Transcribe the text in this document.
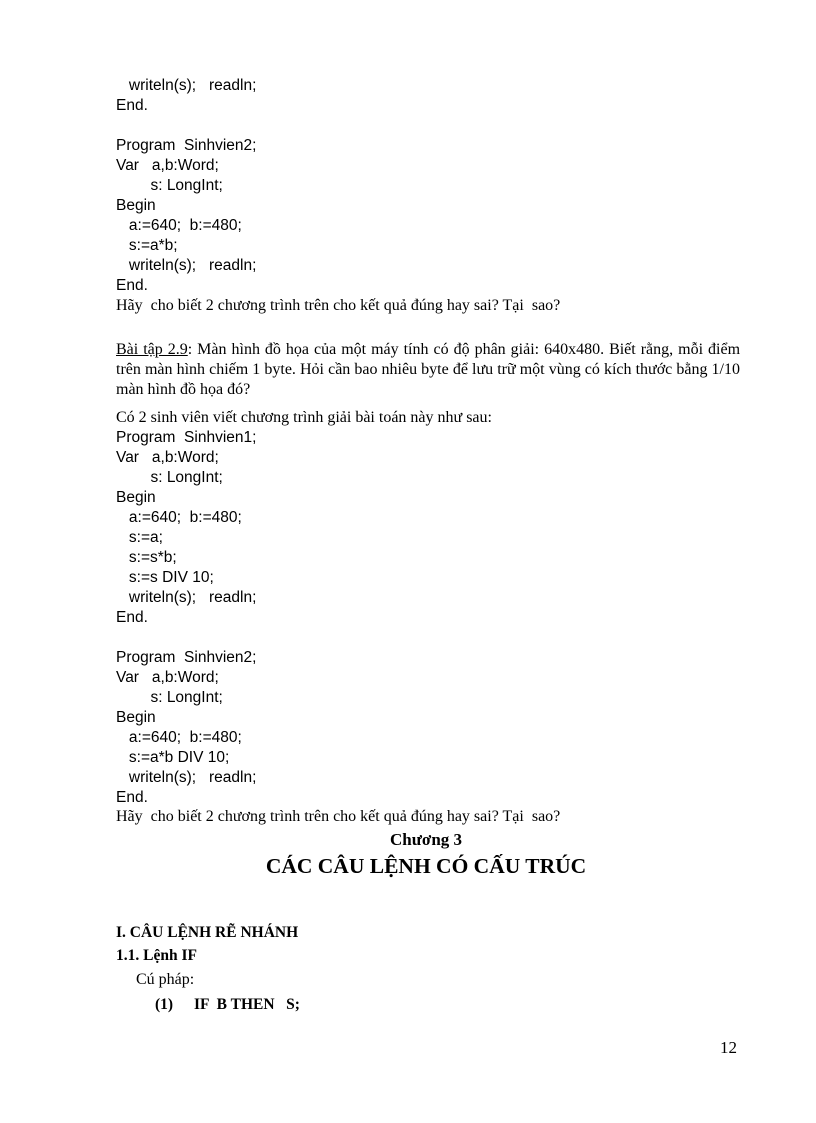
writeln(s);   readln;
End.
Program  Sinhvien2;
Var   a,b:Word;
s: LongInt;
Begin
a:=640;  b:=480;
s:=a*b;
writeln(s);   readln;
End.
Hãy  cho biết 2 chương trình trên cho kết quả đúng hay sai? Tại  sao?

Bài tập 2.9: Màn hình đồ họa của một máy tính có độ phân giải: 640x480. Biết rằng, mỗi điểm trên màn hình chiếm 1 byte. Hỏi cần bao nhiêu byte để lưu trữ một vùng có kích thước bằng 1/10 màn hình đồ họa đó?

Có 2 sinh viên viết chương trình giải bài toán này như sau:
Program  Sinhvien1;
Var   a,b:Word;
s: LongInt;
Begin
a:=640;  b:=480;
s:=a;
s:=s*b;
s:=s DIV 10;
writeln(s);   readln;
End.
Program  Sinhvien2;
Var   a,b:Word;
s: LongInt;
Begin
a:=640;  b:=480;
s:=a*b DIV 10;
writeln(s);   readln;
End.
Hãy  cho biết 2 chương trình trên cho kết quả đúng hay sai? Tại  sao?
Chương 3
CÁC CÂU LỆNH CÓ CẤU TRÚC
I. CÂU LỆNH RẼ NHÁNH
1.1. Lệnh IF
Cú pháp:
(1) IF  B THEN   S;
12
